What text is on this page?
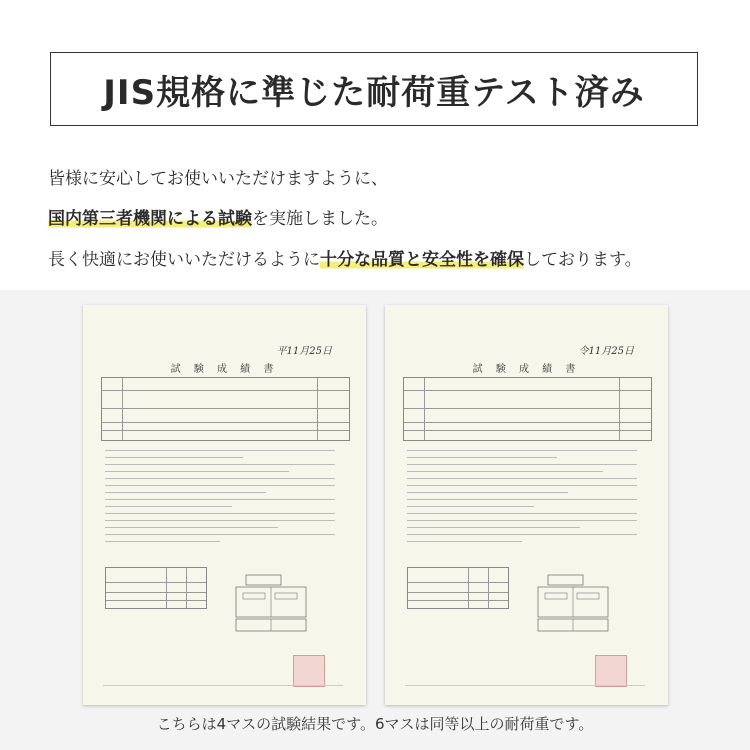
JIS規格に準じた耐荷重テスト済み
皆様に安心してお使いいただけますように、
国内第三者機関による試験を実施しました。
長く快適にお使いいただけるように十分な品質と安全性を確保しております。
平11月25日
試 験 成 績 書
令11月25日
試 験 成 績 書
こちらは4マスの試験結果です。6マスは同等以上の耐荷重です。
